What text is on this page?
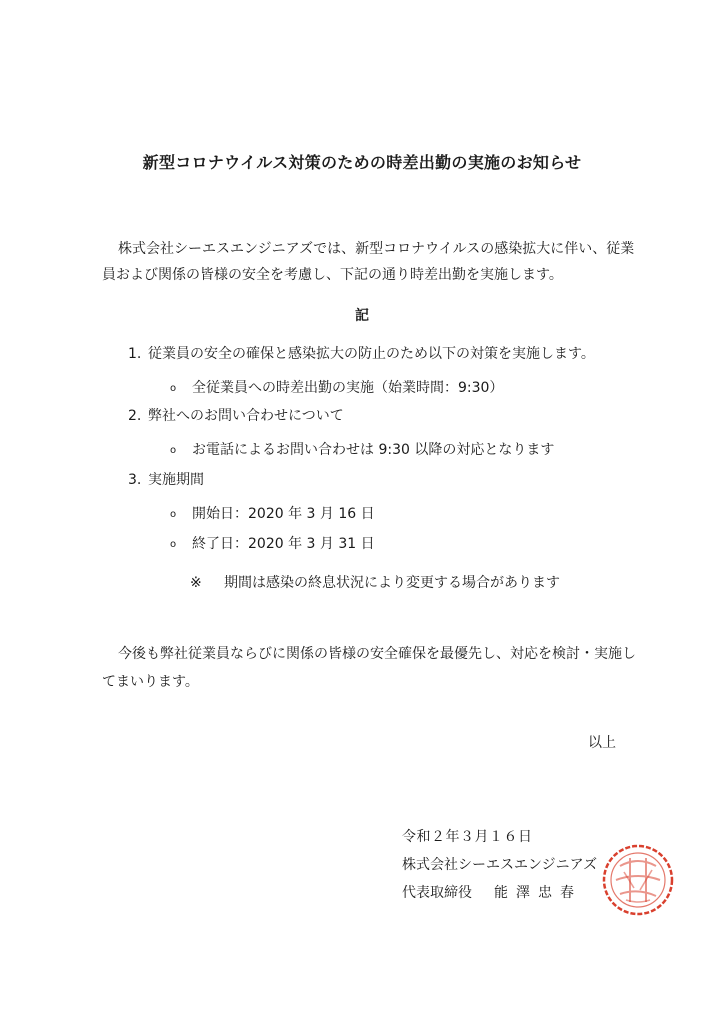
新型コロナウイルス対策のための時差出勤の実施のお知らせ
株式会社シーエスエンジニアズでは、新型コロナウイルスの感染拡大に伴い、従業員および関係の皆様の安全を考慮し、下記の通り時差出勤を実施します。
記
1. 従業員の安全の確保と感染拡大の防止のため以下の対策を実施します。
o 全従業員への時差出勤の実施（始業時間：9:30）
2. 弊社へのお問い合わせについて
o お電話によるお問い合わせは 9:30 以降の対応となります
3. 実施期間
o 開始日：2020 年 3 月 16 日
o 終了日：2020 年 3 月 31 日
※ 期間は感染の終息状況により変更する場合があります
今後も弊社従業員ならびに関係の皆様の安全確保を最優先し、対応を検討・実施してまいります。
以上
令和２年３月１６日
株式会社シーエスエンジニアズ
代表取締役 能澤忠春
